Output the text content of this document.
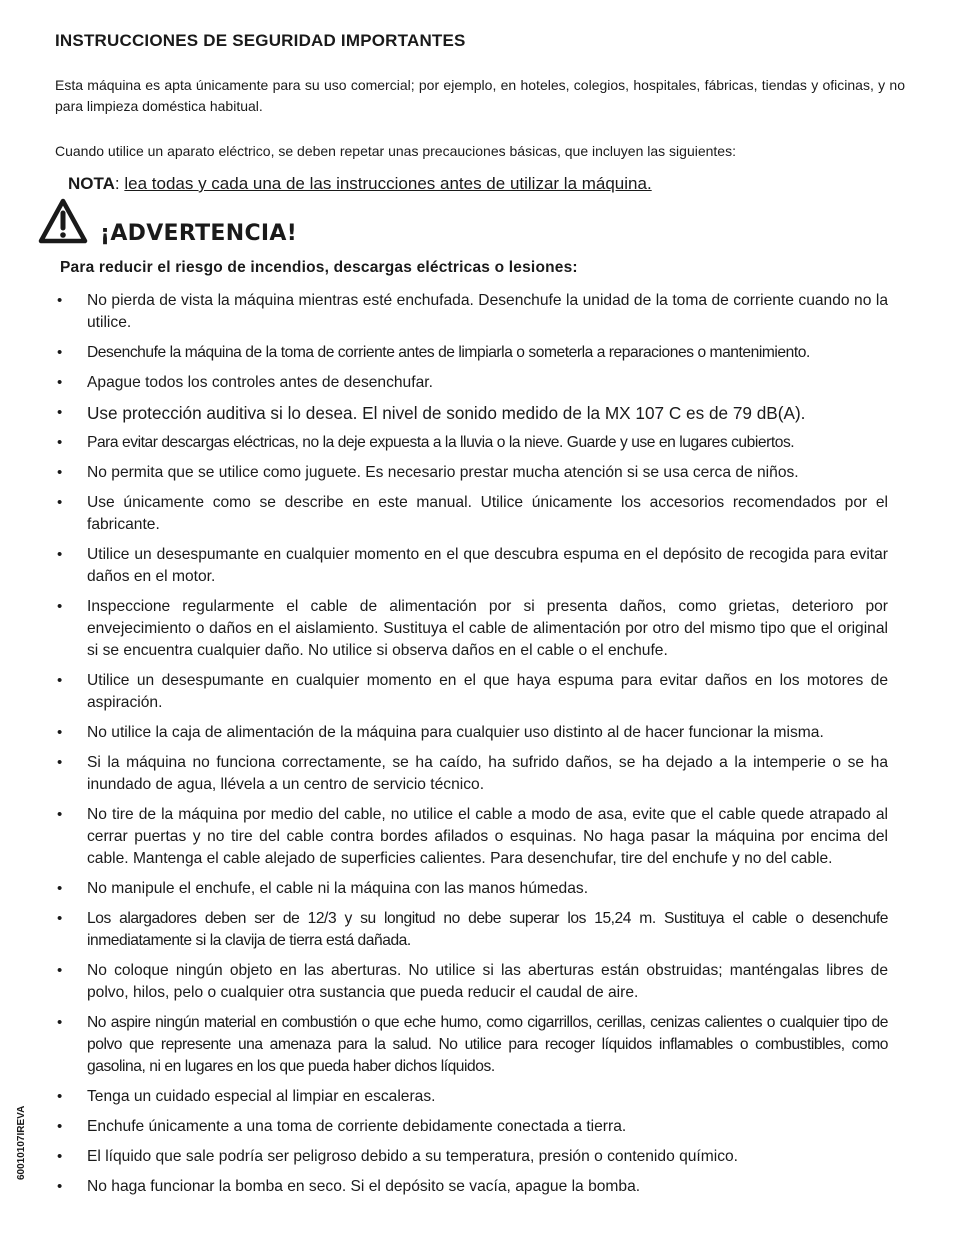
INSTRUCCIONES DE SEGURIDAD IMPORTANTES

Esta máquina es apta únicamente para su uso comercial; por ejemplo, en hoteles, colegios, hospitales, fábricas, tiendas y oficinas, y no para limpieza doméstica habitual.

Cuando utilice un aparato eléctrico, se deben repetar unas precauciones básicas, que incluyen las siguientes:

NOTA: lea todas y cada una de las instrucciones antes de utilizar la máquina.

¡ADVERTENCIA!

Para reducir el riesgo de incendios, descargas eléctricas o lesiones:

• No pierda de vista la máquina mientras esté enchufada. Desenchufe la unidad de la toma de corriente cuando no la utilice.
• Desenchufe la máquina de la toma de corriente antes de limpiarla o someterla a reparaciones o mantenimiento.
• Apague todos los controles antes de desenchufar.
• Use protección auditiva si lo desea. El nivel de sonido medido de la MX 107 C es de 79 dB(A).
• Para evitar descargas eléctricas, no la deje expuesta a la lluvia o la nieve. Guarde y use en lugares cubiertos.
• No permita que se utilice como juguete. Es necesario prestar mucha atención si se usa cerca de niños.
• Use únicamente como se describe en este manual. Utilice únicamente los accesorios recomendados por el fabricante.
• Utilice un desespumante en cualquier momento en el que descubra espuma en el depósito de recogida para evitar daños en el motor.
• Inspeccione regularmente el cable de alimentación por si presenta daños, como grietas, deterioro por envejecimiento o daños en el aislamiento. Sustituya el cable de alimentación por otro del mismo tipo que el original si se encuentra cualquier daño. No utilice si observa daños en el cable o el enchufe.
• Utilice un desespumante en cualquier momento en el que haya espuma para evitar daños en los motores de aspiración.
• No utilice la caja de alimentación de la máquina para cualquier uso distinto al de hacer funcionar la misma.
• Si la máquina no funciona correctamente, se ha caído, ha sufrido daños, se ha dejado a la intemperie o se ha inundado de agua, llévela a un centro de servicio técnico.
• No tire de la máquina por medio del cable, no utilice el cable a modo de asa, evite que el cable quede atrapado al cerrar puertas y no tire del cable contra bordes afilados o esquinas. No haga pasar la máquina por encima del cable. Mantenga el cable alejado de superficies calientes. Para desenchufar, tire del enchufe y no del cable.
• No manipule el enchufe, el cable ni la máquina con las manos húmedas.
• Los alargadores deben ser de 12/3 y su longitud no debe superar los 15,24 m. Sustituya el cable o desenchufe inmediatamente si la clavija de tierra está dañada.
• No coloque ningún objeto en las aberturas. No utilice si las aberturas están obstruidas; manténgalas libres de polvo, hilos, pelo o cualquier otra sustancia que pueda reducir el caudal de aire.
• No aspire ningún material en combustión o que eche humo, como cigarrillos, cerillas, cenizas calientes o cualquier tipo de polvo que represente una amenaza para la salud. No utilice para recoger líquidos inflamables o combustibles, como gasolina, ni en lugares en los que pueda haber dichos líquidos.
• Tenga un cuidado especial al limpiar en escaleras.
• Enchufe únicamente a una toma de corriente debidamente conectada a tierra.
• El líquido que sale podría ser peligroso debido a su temperatura, presión o contenido químico.
• No haga funcionar la bomba en seco. Si el depósito se vacía, apague la bomba.

60010107IREVA
